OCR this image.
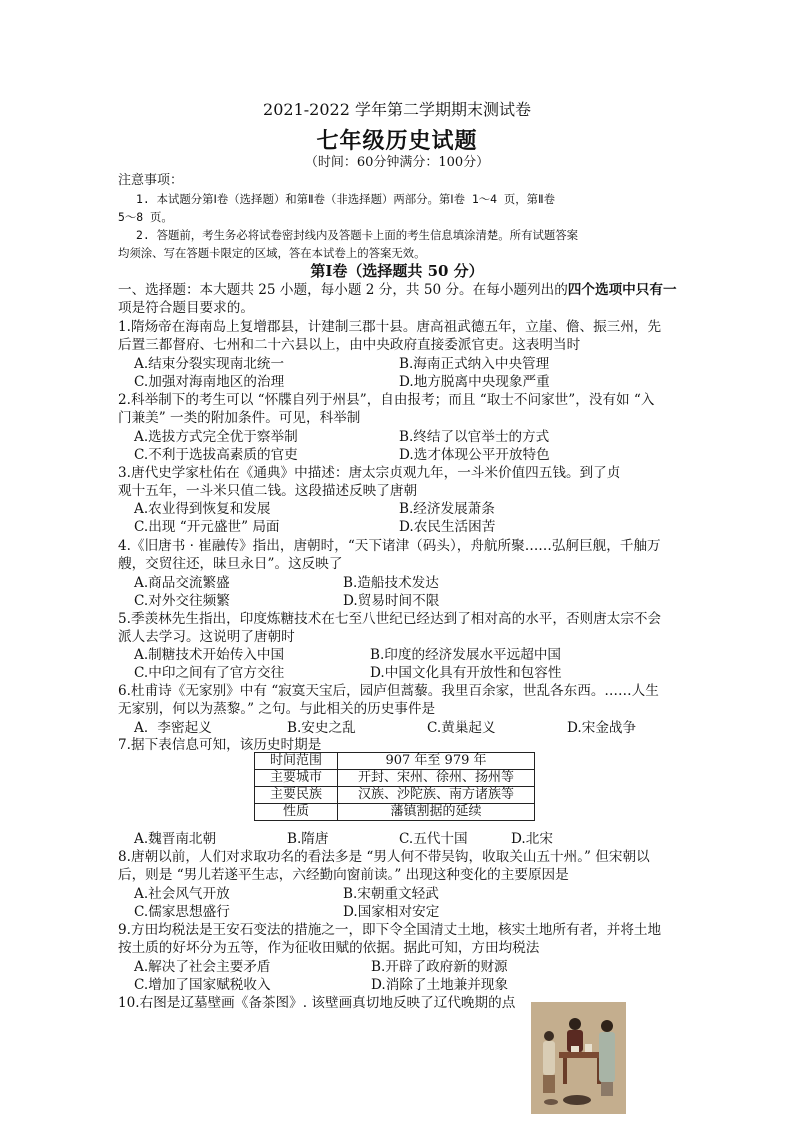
2021-2022 学年第二学期期末测试卷
七年级历史试题
（时间：60分钟满分：100分）
注意事项：
1. 本试题分第Ⅰ卷（选择题）和第Ⅱ卷（非选择题）两部分。第Ⅰ卷 1～4 页，第Ⅱ卷
5～8 页。
2. 答题前，考生务必将试卷密封线内及答题卡上面的考生信息填涂清楚。所有试题答案
均须涂、写在答题卡限定的区域，答在本试卷上的答案无效。
第Ⅰ卷（选择题共 50 分）
一、选择题：本大题共 25 小题，每小题 2 分，共 50 分。在每小题列出的四个选项中只有一
项是符合题目要求的。
1.隋炀帝在海南岛上复增郡县，计建制三郡十县。唐高祖武德五年，立崖、儋、振三州，先
后置三都督府、七州和二十六县以上，由中央政府直接委派官吏。这表明当时
A.结束分裂实现南北统一	B.海南正式纳入中央管理
C.加强对海南地区的治理	D.地方脱离中央现象严重
2.科举制下的考生可以 “怀牒自列于州县”，自由报考；而且 “取士不问家世”，没有如 “入
门兼美” 一类的附加条件。可见，科举制
A.选拔方式完全优于察举制	B.终结了以官举士的方式
C.不利于选拔高素质的官吏	D.选才体现公平开放特色
3.唐代史学家杜佑在《通典》中描述：唐太宗贞观九年，一斗米价值四五钱。到了贞
观十五年，一斗米只值二钱。这段描述反映了唐朝
A.农业得到恢复和发展	B.经济发展萧条
C.出现 “开元盛世” 局面	D.农民生活困苦
4.《旧唐书 · 崔融传》指出，唐朝时，“天下诸津（码头），舟航所聚……弘舸巨舰，千舳万
艘，交贸往还，昧旦永日”。这反映了
A.商品交流繁盛	B.造船技术发达
C.对外交往频繁	D.贸易时间不限
5.季羡林先生指出，印度炼糖技术在七至八世纪已经达到了相对高的水平，否则唐太宗不会
派人去学习。这说明了唐朝时
A.制糖技术开始传入中国	B.印度的经济发展水平远超中国
C.中印之间有了官方交往	D.中国文化具有开放性和包容性
6.杜甫诗《无家别》中有 “寂寞天宝后，园庐但蒿藜。我里百余家，世乱各东西。……人生
无家别，何以为蒸黎。” 之句。与此相关的历史事件是
A．李密起义	B.安史之乱	C.黄巢起义	D.宋金战争
7.据下表信息可知，该历史时期是
时间范围	907 年至 979 年
主要城市	开封、宋州、徐州、扬州等
主要民族	汉族、沙陀族、南方诸族等
性质	藩镇割据的延续
A.魏晋南北朝	B.隋唐	C.五代十国	D.北宋
8.唐朝以前，人们对求取功名的看法多是 “男人何不带吴钩，收取关山五十州。” 但宋朝以
后，则是 “男儿若遂平生志，六经勤向窗前读。” 出现这种变化的主要原因是
A.社会风气开放	B.宋朝重文轻武
C.儒家思想盛行	D.国家相对安定
9.方田均税法是王安石变法的措施之一，即下令全国清丈土地，核实土地所有者，并将土地
按土质的好坏分为五等，作为征收田赋的依据。据此可知，方田均税法
A.解决了社会主要矛盾	B.开辟了政府新的财源
C.增加了国家赋税收入	D.消除了土地兼并现象
10.右图是辽墓壁画《备茶图》. 该壁画真切地反映了辽代晚期的点
